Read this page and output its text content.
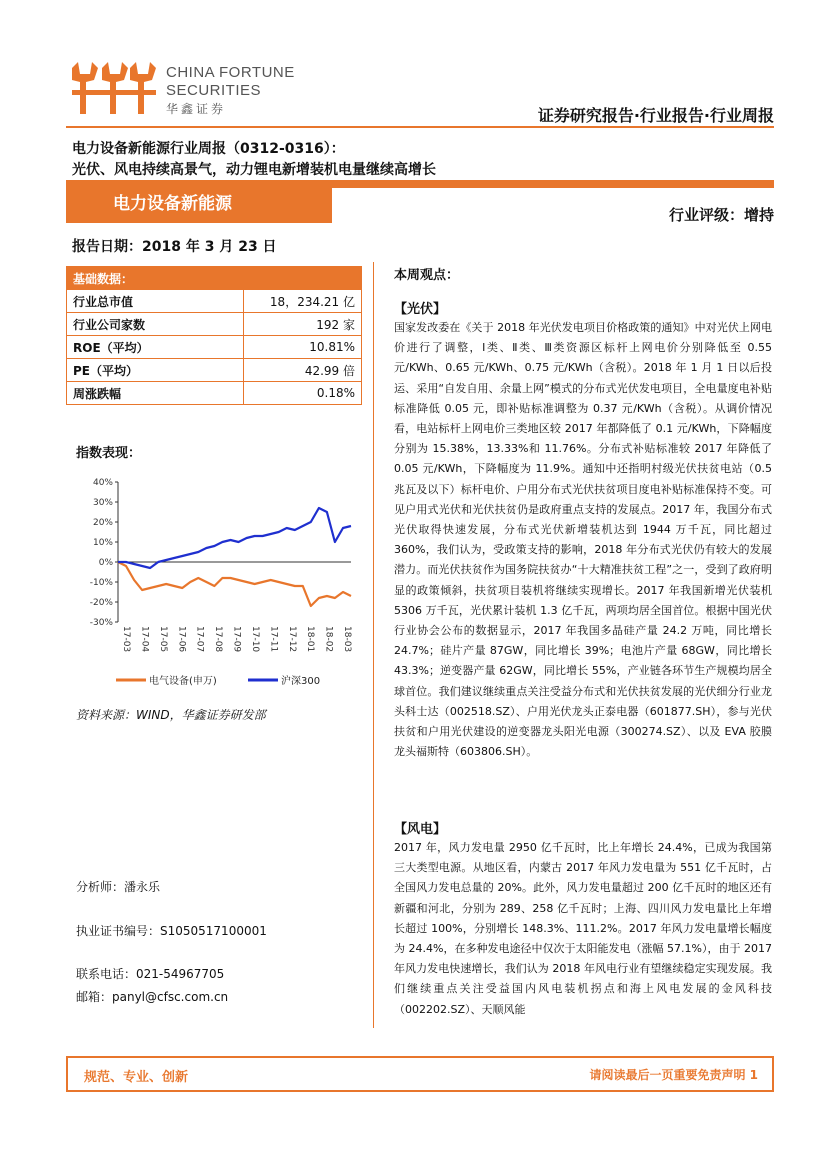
CHINA FORTUNE
SECURITIES
华鑫证券	证券研究报告·行业报告·行业周报
电力设备新能源行业周报（0312-0316）：
光伏、风电持续高景气，动力锂电新增装机电量继续高增长
电力设备新能源
行业评级：增持
报告日期：2018 年 3 月 23 日
基础数据：	
行业总市值	18，234.21 亿
行业公司家数	192 家
ROE（平均）	10.81%
PE（平均）	42.99 倍
周涨跌幅	0.18%
指数表现：
40%
30%
20%
10%
0%
-10%
-20%
-30%
17-03 17-04 17-05 17-06 17-07 17-08 17-09 17-10 17-11 17-12 18-01 18-02 18-03
电气设备(申万)	沪深300
资料来源：WIND，华鑫证券研发部
分析师：潘永乐
执业证书编号：S1050517100001
联系电话：021-54967705
邮箱：panyl@cfsc.com.cn
本周观点：
【光伏】
国家发改委在《关于 2018 年光伏发电项目价格政策的通知》中对光伏上网电价进行了调整，Ⅰ类、Ⅱ类、Ⅲ类资源区标杆上网电价分别降低至 0.55 元/KWh、0.65 元/KWh、0.75 元/KWh（含税）。2018 年 1 月 1 日以后投运、采用“自发自用、余量上网”模式的分布式光伏发电项目，全电量度电补贴标准降低 0.05 元，即补贴标准调整为 0.37 元/KWh（含税）。从调价情况看，电站标杆上网电价三类地区较 2017 年都降低了 0.1 元/KWh，下降幅度分别为 15.38%，13.33%和 11.76%。分布式补贴标准较 2017 年降低了 0.05 元/KWh，下降幅度为 11.9%。通知中还指明村级光伏扶贫电站（0.5 兆瓦及以下）标杆电价、户用分布式光伏扶贫项目度电补贴标准保持不变。可见户用式光伏和光伏扶贫仍是政府重点支持的发展点。2017 年，我国分布式光伏取得快速发展，分布式光伏新增装机达到 1944 万千瓦，同比超过 360%，我们认为，受政策支持的影响，2018 年分布式光伏仍有较大的发展潜力。而光伏扶贫作为国务院扶贫办“十大精准扶贫工程”之一，受到了政府明显的政策倾斜，扶贫项目装机将继续实现增长。2017 年我国新增光伏装机 5306 万千瓦，光伏累计装机 1.3 亿千瓦，两项均居全国首位。根据中国光伏行业协会公布的数据显示，2017 年我国多晶硅产量 24.2 万吨，同比增长 24.7%；硅片产量 87GW，同比增长 39%；电池片产量 68GW，同比增长 43.3%；逆变器产量 62GW，同比增长 55%，产业链各环节生产规模均居全球首位。我们建议继续重点关注受益分布式和光伏扶贫发展的光伏细分行业龙头科士达（002518.SZ）、户用光伏龙头正泰电器（601877.SH），参与光伏扶贫和户用光伏建设的逆变器龙头阳光电源（300274.SZ）、以及 EVA 胶膜龙头福斯特（603806.SH）。
【风电】
2017 年，风力发电量 2950 亿千瓦时，比上年增长 24.4%，已成为我国第三大类型电源。从地区看，内蒙古 2017 年风力发电量为 551 亿千瓦时，占全国风力发电总量的 20%。此外，风力发电量超过 200 亿千瓦时的地区还有新疆和河北，分别为 289、258 亿千瓦时；上海、四川风力发电量比上年增长超过 100%，分别增长 148.3%、111.2%。2017 年风力发电量增长幅度为 24.4%，在多种发电途径中仅次于太阳能发电（涨幅 57.1%），由于 2017 年风力发电快速增长，我们认为 2018 年风电行业有望继续稳定实现发展。我们继续重点关注受益国内风电装机拐点和海上风电发展的金风科技（002202.SZ）、天顺风能
规范、专业、创新	请阅读最后一页重要免责声明 1
